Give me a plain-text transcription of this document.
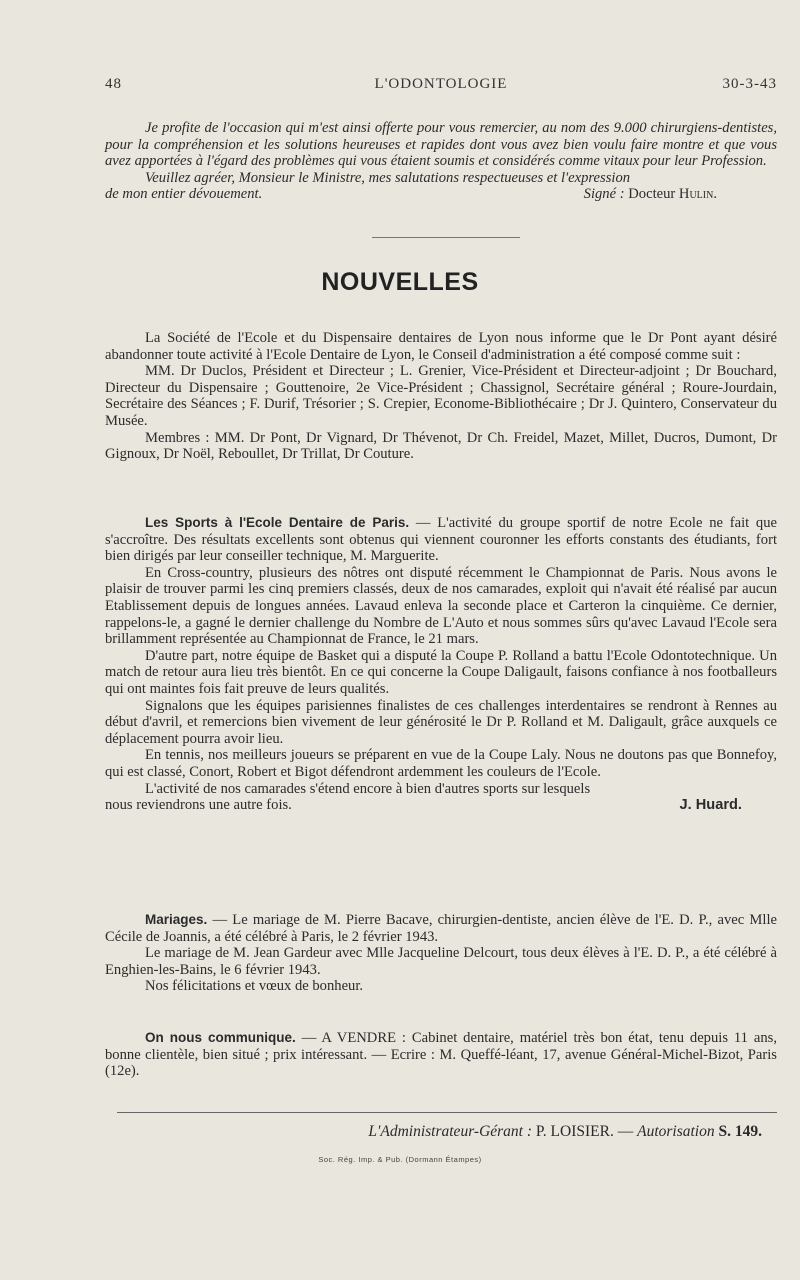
48	L'ODONTOLOGIE	30-3-43

Je profite de l'occasion qui m'est ainsi offerte pour vous remercier, au nom des 9.000 chirurgiens-dentistes, pour la compréhension et les solutions heureuses et rapides dont vous avez bien voulu faire montre et que vous avez apportées à l'égard des problèmes qui vous étaient soumis et considérés comme vitaux pour leur Profession.

Veuillez agréer, Monsieur le Ministre, mes salutations respectueuses et l'expression

de mon entier dévouement.	Signé : Docteur Hulin.
NOUVELLES

La Société de l'Ecole et du Dispensaire dentaires de Lyon nous informe que le Dr Pont ayant désiré abandonner toute activité à l'Ecole Dentaire de Lyon, le Conseil d'administration a été composé comme suit :

MM. Dr Duclos, Président et Directeur ; L. Grenier, Vice-Président et Directeur-adjoint ; Dr Bouchard, Directeur du Dispensaire ; Gouttenoire, 2e Vice-Président ; Chassignol, Secrétaire général ; Roure-Jourdain, Secrétaire des Séances ; F. Durif, Trésorier ; S. Crepier, Econome-Bibliothécaire ; Dr J. Quintero, Conservateur du Musée.

Membres : MM. Dr Pont, Dr Vignard, Dr Thévenot, Dr Ch. Freidel, Mazet, Millet, Ducros, Dumont, Dr Gignoux, Dr Noël, Reboullet, Dr Trillat, Dr Couture.

Les Sports à l'Ecole Dentaire de Paris. — L'activité du groupe sportif de notre Ecole ne fait que s'accroître. Des résultats excellents sont obtenus qui viennent couronner les efforts constants des étudiants, fort bien dirigés par leur conseiller technique, M. Marguerite.

En Cross-country, plusieurs des nôtres ont disputé récemment le Championnat de Paris. Nous avons le plaisir de trouver parmi les cinq premiers classés, deux de nos camarades, exploit qui n'avait été réalisé par aucun Etablissement depuis de longues années. Lavaud enleva la seconde place et Carteron la cinquième. Ce dernier, rappelons-le, a gagné le dernier challenge du Nombre de L'Auto et nous sommes sûrs qu'avec Lavaud l'Ecole sera brillamment représentée au Championnat de France, le 21 mars.

D'autre part, notre équipe de Basket qui a disputé la Coupe P. Rolland a battu l'Ecole Odontotechnique. Un match de retour aura lieu très bientôt. En ce qui concerne la Coupe Daligault, faisons confiance à nos footballeurs qui ont maintes fois fait preuve de leurs qualités.

Signalons que les équipes parisiennes finalistes de ces challenges interdentaires se rendront à Rennes au début d'avril, et remercions bien vivement de leur générosité le Dr P. Rolland et M. Daligault, grâce auxquels ce déplacement pourra avoir lieu.

En tennis, nos meilleurs joueurs se préparent en vue de la Coupe Laly. Nous ne doutons pas que Bonnefoy, qui est classé, Conort, Robert et Bigot défendront ardemment les couleurs de l'Ecole.

L'activité de nos camarades s'étend encore à bien d'autres sports sur lesquels

nous reviendrons une autre fois.	J. Huard.

Mariages. — Le mariage de M. Pierre Bacave, chirurgien-dentiste, ancien élève de l'E. D. P., avec Mlle Cécile de Joannis, a été célébré à Paris, le 2 février 1943.

Le mariage de M. Jean Gardeur avec Mlle Jacqueline Delcourt, tous deux élèves à l'E. D. P., a été célébré à Enghien-les-Bains, le 6 février 1943.

Nos félicitations et vœux de bonheur.

On nous communique. — A VENDRE : Cabinet dentaire, matériel très bon état, tenu depuis 11 ans, bonne clientèle, bien situé ; prix intéressant. — Ecrire : M. Queffé-léant, 17, avenue Général-Michel-Bizot, Paris (12e).

L'Administrateur-Gérant : P. LOISIER. — Autorisation S. 149.
Soc. Rég. Imp. & Pub. (Dormann Étampes)
